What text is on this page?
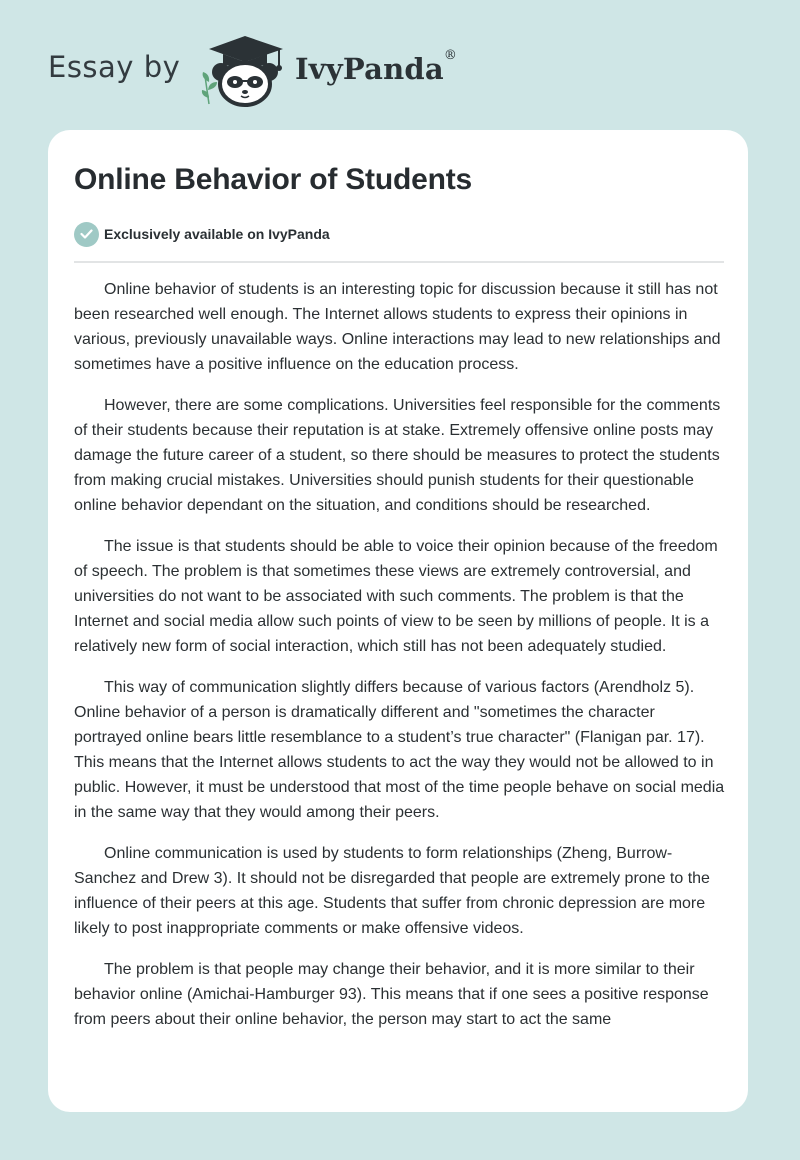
Essay by	IvyPanda®
Online Behavior of Students
Exclusively available on IvyPanda

Online behavior of students is an interesting topic for discussion because it still has not been researched well enough. The Internet allows students to express their opinions in various, previously unavailable ways. Online interactions may lead to new relationships and sometimes have a positive influence on the education process.

However, there are some complications. Universities feel responsible for the comments of their students because their reputation is at stake. Extremely offensive online posts may damage the future career of a student, so there should be measures to protect the students from making crucial mistakes. Universities should punish students for their questionable online behavior dependant on the situation, and conditions should be researched.

The issue is that students should be able to voice their opinion because of the freedom of speech. The problem is that sometimes these views are extremely controversial, and universities do not want to be associated with such comments. The problem is that the Internet and social media allow such points of view to be seen by millions of people. It is a relatively new form of social interaction, which still has not been adequately studied.

This way of communication slightly differs because of various factors (Arendholz 5). Online behavior of a person is dramatically different and "sometimes the character portrayed online bears little resemblance to a student’s true character" (Flanigan par. 17). This means that the Internet allows students to act the way they would not be allowed to in public. However, it must be understood that most of the time people behave on social media in the same way that they would among their peers.

Online communication is used by students to form relationships (Zheng, Burrow-Sanchez and Drew 3). It should not be disregarded that people are extremely prone to the influence of their peers at this age. Students that suffer from chronic depression are more likely to post inappropriate comments or make offensive videos.

The problem is that people may change their behavior, and it is more similar to their behavior online (Amichai-Hamburger 93). This means that if one sees a positive response from peers about their online behavior, the person may start to act the same
